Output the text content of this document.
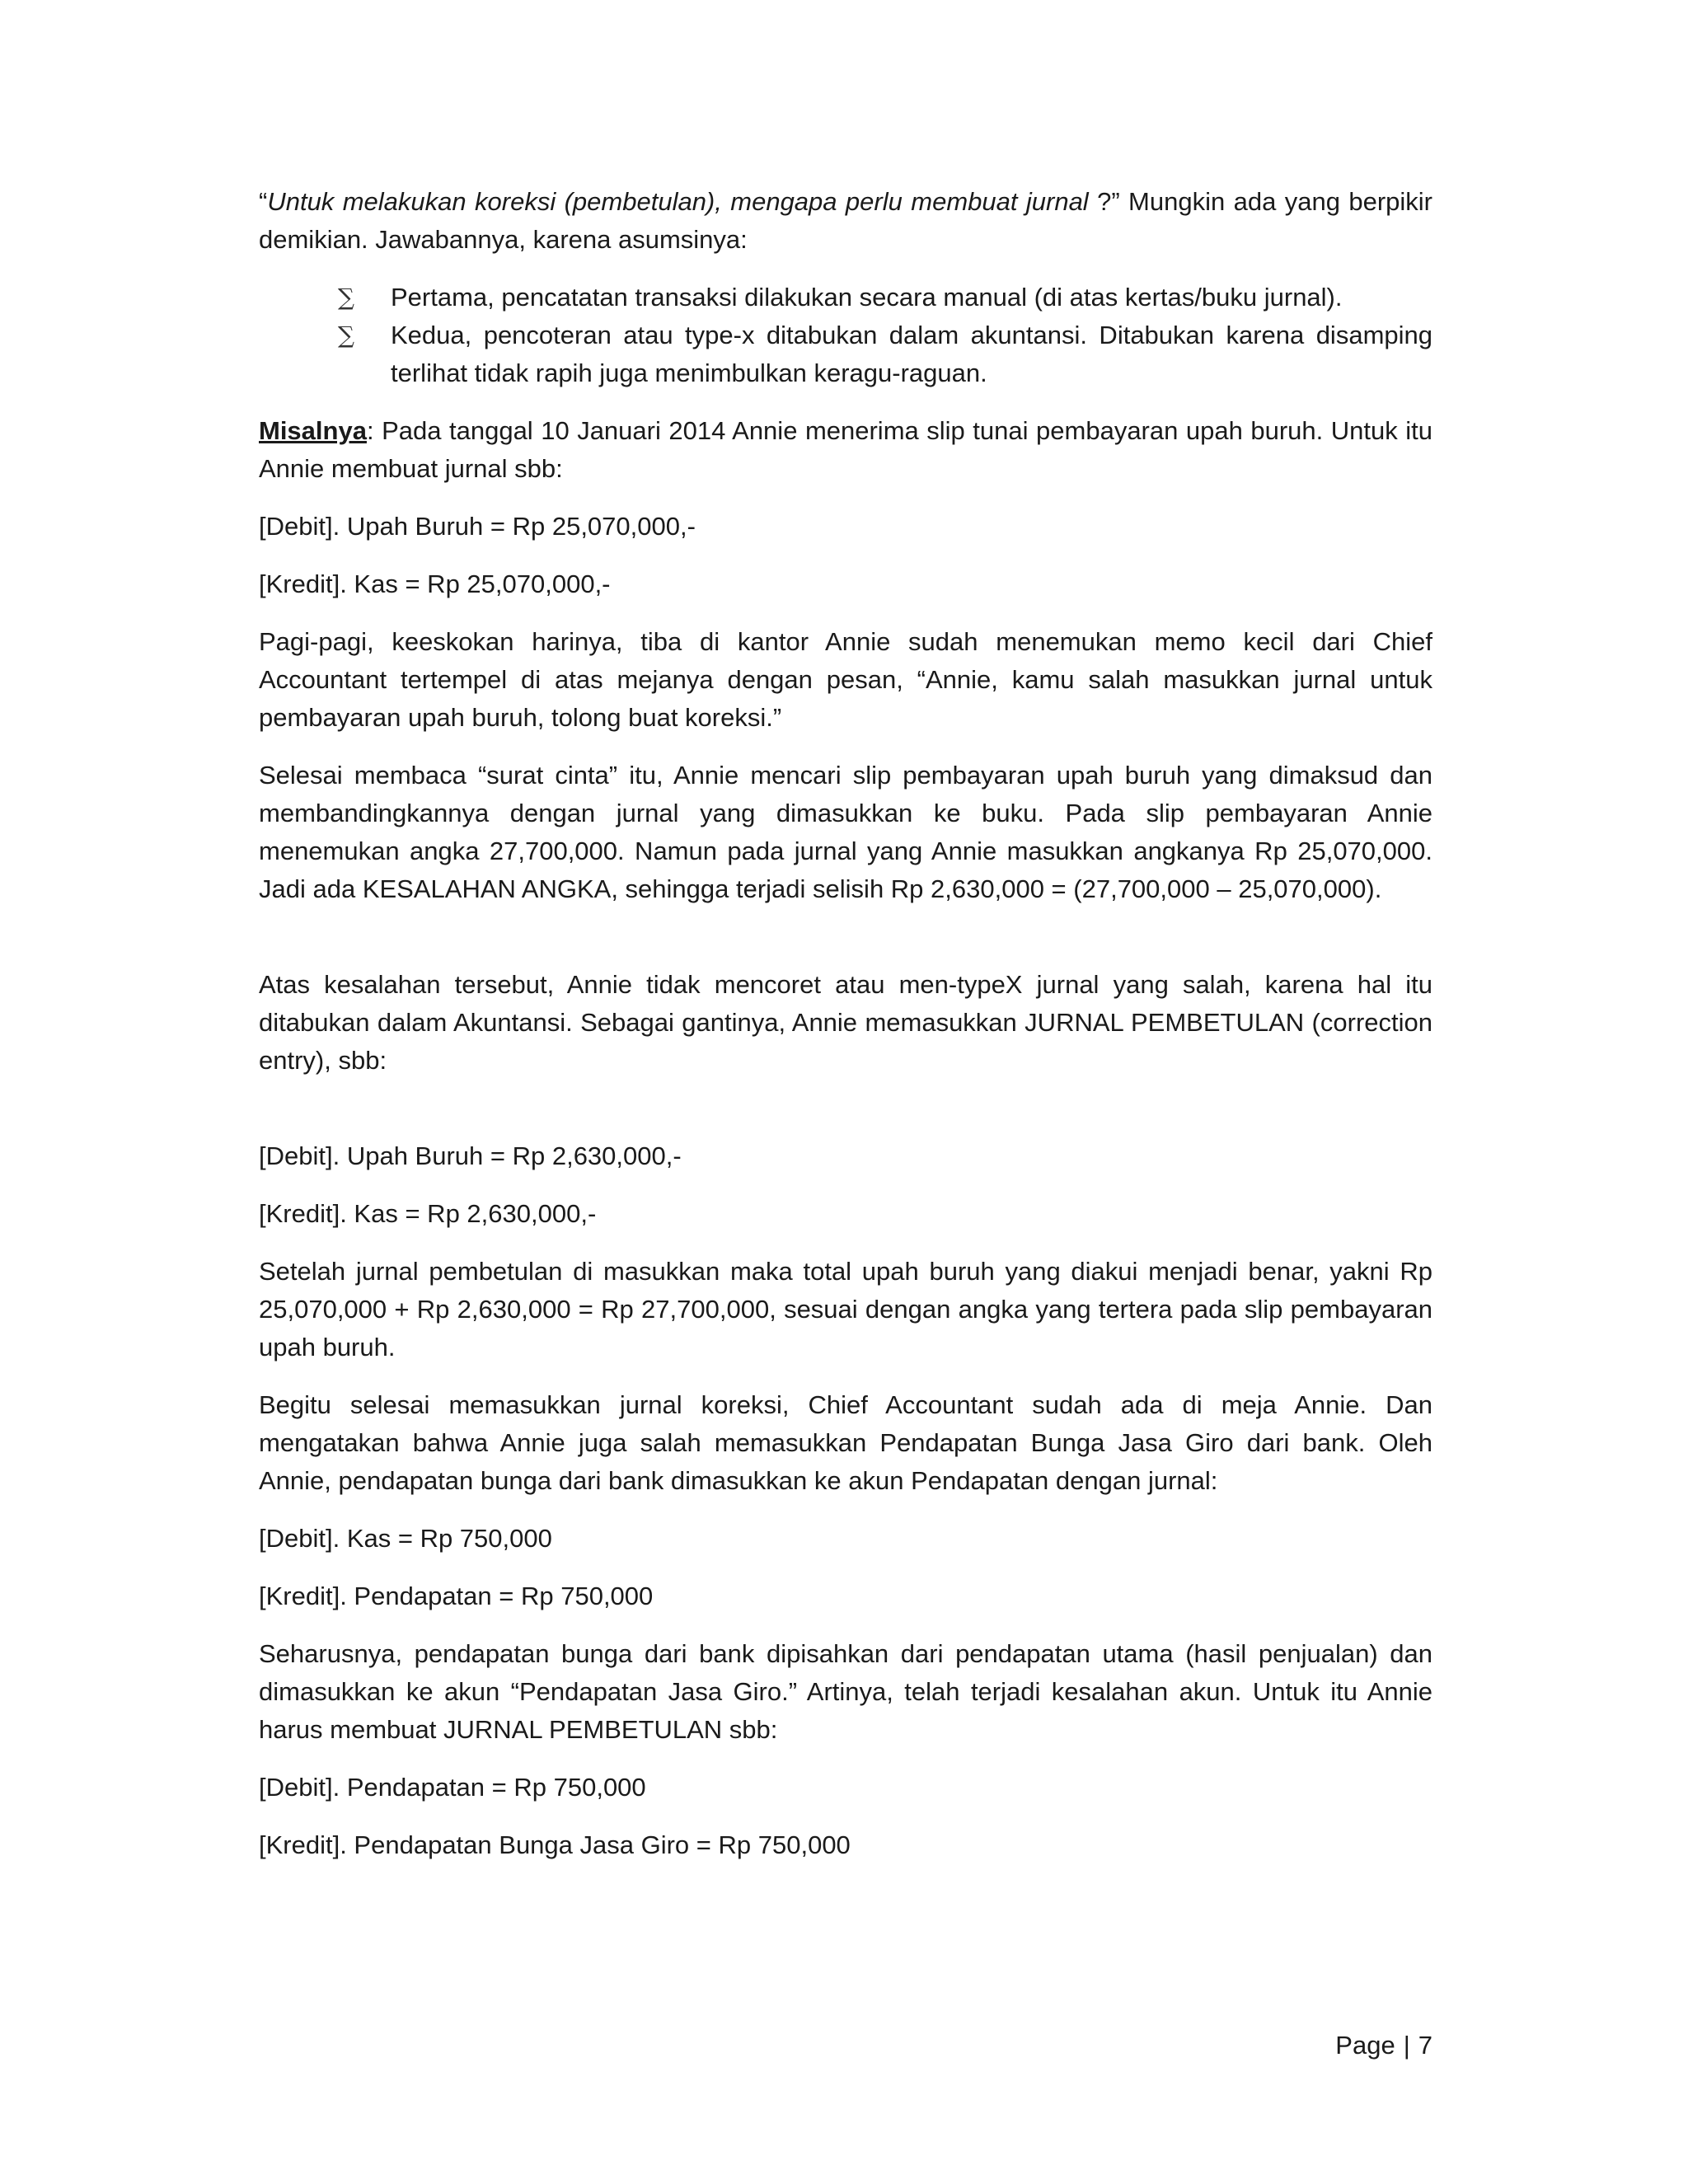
“Untuk melakukan koreksi (pembetulan), mengapa perlu membuat jurnal ?” Mungkin ada yang berpikir demikian. Jawabannya, karena asumsinya:

∑ Pertama, pencatatan transaksi dilakukan secara manual (di atas kertas/buku jurnal).
∑ Kedua, pencoteran atau type-x ditabukan dalam akuntansi. Ditabukan karena disamping terlihat tidak rapih juga menimbulkan keragu-raguan.

Misalnya: Pada tanggal 10 Januari 2014 Annie menerima slip tunai pembayaran upah buruh. Untuk itu Annie membuat jurnal sbb:

[Debit]. Upah Buruh = Rp 25,070,000,-

[Kredit]. Kas = Rp 25,070,000,-

Pagi-pagi, keeskokan harinya, tiba di kantor Annie sudah menemukan memo kecil dari Chief Accountant tertempel di atas mejanya dengan pesan, “Annie, kamu salah masukkan jurnal untuk pembayaran upah buruh, tolong buat koreksi.”

Selesai membaca “surat cinta” itu, Annie mencari slip pembayaran upah buruh yang dimaksud dan membandingkannya dengan jurnal yang dimasukkan ke buku. Pada slip pembayaran Annie menemukan angka 27,700,000. Namun pada jurnal yang Annie masukkan angkanya Rp 25,070,000. Jadi ada KESALAHAN ANGKA, sehingga terjadi selisih Rp 2,630,000 = (27,700,000 – 25,070,000).

Atas kesalahan tersebut, Annie tidak mencoret atau men-typeX jurnal yang salah, karena hal itu ditabukan dalam Akuntansi. Sebagai gantinya, Annie memasukkan JURNAL PEMBETULAN (correction entry), sbb:

[Debit]. Upah Buruh = Rp 2,630,000,-

[Kredit]. Kas = Rp 2,630,000,-

Setelah jurnal pembetulan di masukkan maka total upah buruh yang diakui menjadi benar, yakni Rp 25,070,000 + Rp 2,630,000 = Rp 27,700,000, sesuai dengan angka yang tertera pada slip pembayaran upah buruh.

Begitu selesai memasukkan jurnal koreksi, Chief Accountant sudah ada di meja Annie. Dan mengatakan bahwa Annie juga salah memasukkan Pendapatan Bunga Jasa Giro dari bank. Oleh Annie, pendapatan bunga dari bank dimasukkan ke akun Pendapatan dengan jurnal:

[Debit]. Kas = Rp 750,000

[Kredit]. Pendapatan = Rp 750,000

Seharusnya, pendapatan bunga dari bank dipisahkan dari pendapatan utama (hasil penjualan) dan dimasukkan ke akun “Pendapatan Jasa Giro.” Artinya, telah terjadi kesalahan akun. Untuk itu Annie harus membuat JURNAL PEMBETULAN sbb:

[Debit]. Pendapatan = Rp 750,000

[Kredit]. Pendapatan Bunga Jasa Giro = Rp 750,000

Page | 7
